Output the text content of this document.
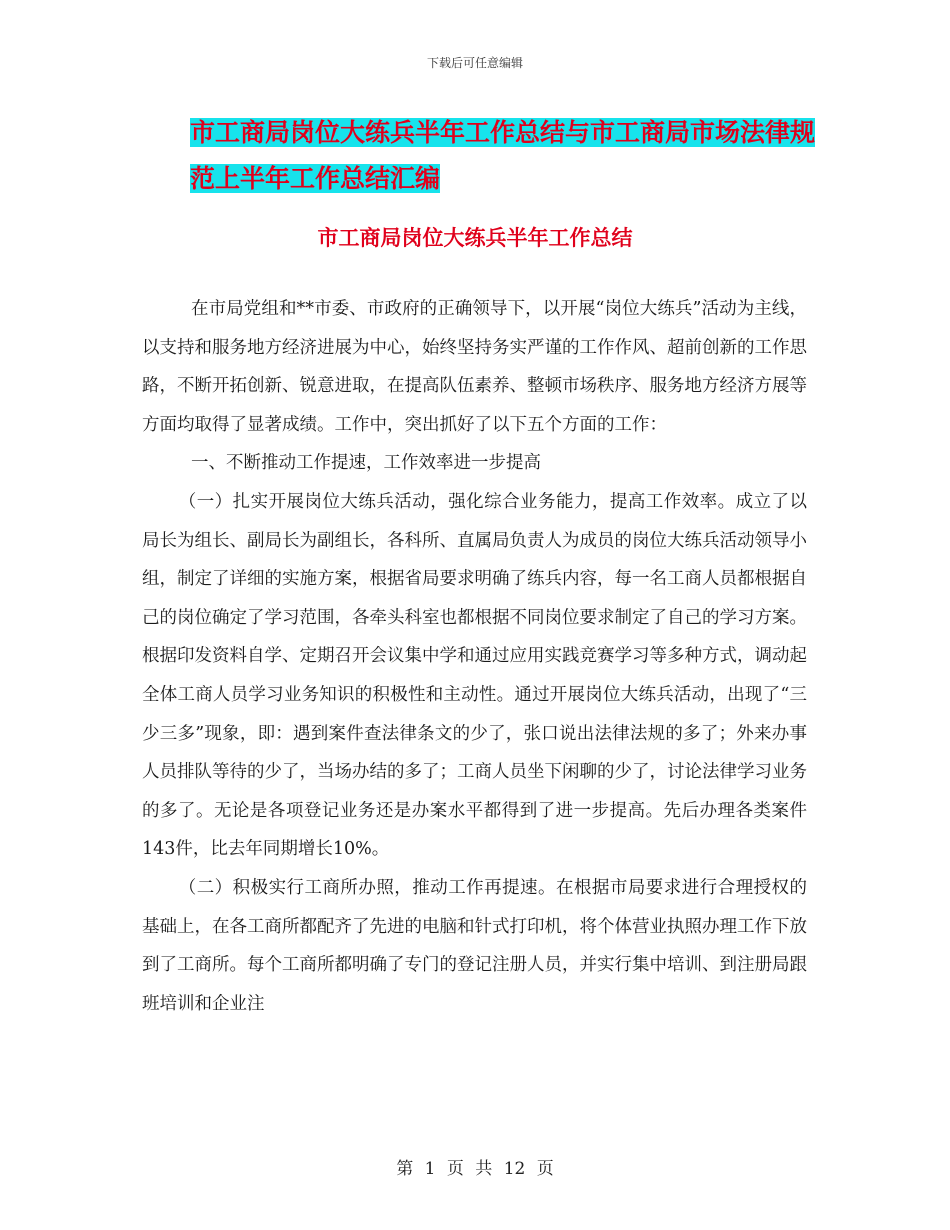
下载后可任意编辑
市工商局岗位大练兵半年工作总结与市工商局市场法律规范上半年工作总结汇编
市工商局岗位大练兵半年工作总结

在市局党组和**市委、市政府的正确领导下，以开展“岗位大练兵”活动为主线，以支持和服务地方经济进展为中心，始终坚持务实严谨的工作作风、超前创新的工作思路，不断开拓创新、锐意进取，在提高队伍素养、整顿市场秩序、服务地方经济方展等方面均取得了显著成绩。工作中，突出抓好了以下五个方面的工作：

一、不断推动工作提速，工作效率进一步提高

（一）扎实开展岗位大练兵活动，强化综合业务能力，提高工作效率。成立了以局长为组长、副局长为副组长，各科所、直属局负责人为成员的岗位大练兵活动领导小组，制定了详细的实施方案，根据省局要求明确了练兵内容，每一名工商人员都根据自己的岗位确定了学习范围，各牵头科室也都根据不同岗位要求制定了自己的学习方案。根据印发资料自学、定期召开会议集中学和通过应用实践竞赛学习等多种方式，调动起全体工商人员学习业务知识的积极性和主动性。通过开展岗位大练兵活动，出现了“三少三多”现象，即：遇到案件查法律条文的少了，张口说出法律法规的多了；外来办事人员排队等待的少了，当场办结的多了；工商人员坐下闲聊的少了，讨论法律学习业务的多了。无论是各项登记业务还是办案水平都得到了进一步提高。先后办理各类案件143件，比去年同期增长10%。

（二）积极实行工商所办照，推动工作再提速。在根据市局要求进行合理授权的基础上，在各工商所都配齐了先进的电脑和针式打印机，将个体营业执照办理工作下放到了工商所。每个工商所都明确了专门的登记注册人员，并实行集中培训、到注册局跟班培训和企业注

第 1 页 共 12 页
